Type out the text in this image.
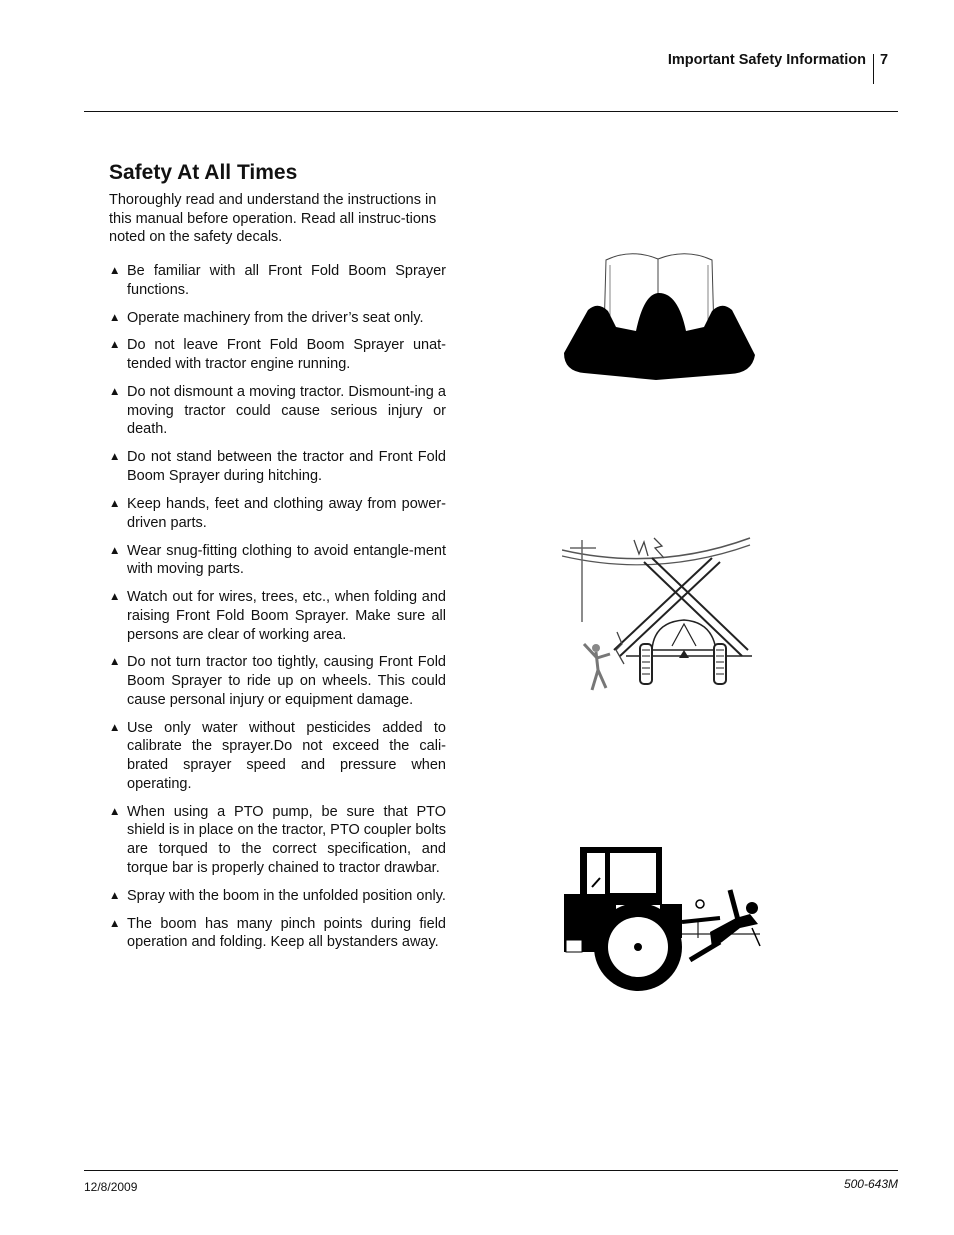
Important Safety Information 7
Safety At All Times

Thoroughly read and understand the instructions in this manual before operation. Read all instruc-tions noted on the safety decals.

▲ Be familiar with all Front Fold Boom Sprayer functions.
▲ Operate machinery from the driver’s seat only.
▲ Do not leave Front Fold Boom Sprayer unat-tended with tractor engine running.
▲ Do not dismount a moving tractor. Dismount-ing a moving tractor could cause serious injury or death.
▲ Do not stand between the tractor and Front Fold Boom Sprayer during hitching.
▲ Keep hands, feet and clothing away from power-driven parts.
▲ Wear snug-fitting clothing to avoid entangle-ment with moving parts.
▲ Watch out for wires, trees, etc., when folding and raising Front Fold Boom Sprayer. Make sure all persons are clear of working area.
▲ Do not turn tractor too tightly, causing Front Fold Boom Sprayer to ride up on wheels. This could cause personal injury or equipment damage.
▲ Use only water without pesticides added to calibrate the sprayer.Do not exceed the cali-brated sprayer speed and pressure when operating.
▲ When using a PTO pump, be sure that PTO shield is in place on the tractor, PTO coupler bolts are torqued to the correct specification, and torque bar is properly chained to tractor drawbar.
▲ Spray with the boom in the unfolded position only.
▲ The boom has many pinch points during field operation and folding. Keep all bystanders away.
12/8/2009	500-643M
